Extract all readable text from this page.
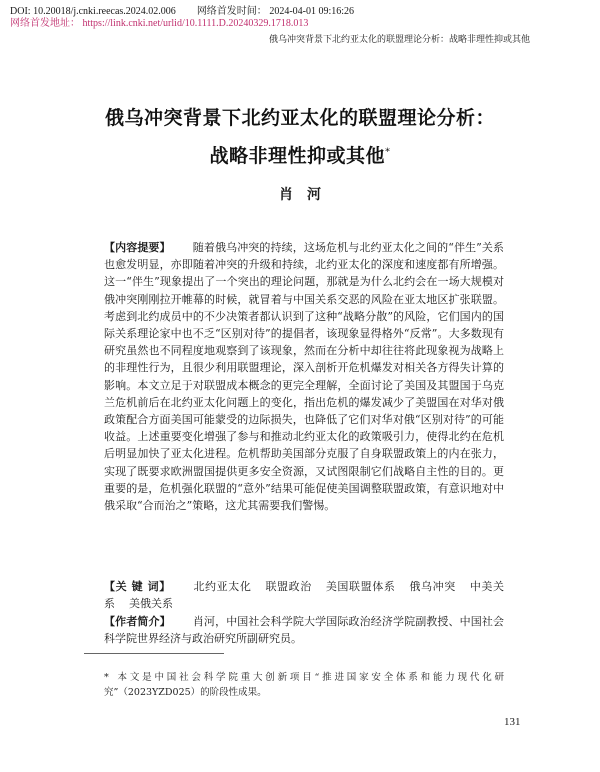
DOI: 10.20018/j.cnki.reecas.2024.02.006 网络首发时间： 2024-04-01 09:16:26
网络首发地址： https://link.cnki.net/urlid/10.1111.D.20240329.1718.013
俄乌冲突背景下北约亚太化的联盟理论分析：战略非理性抑或其他
俄乌冲突背景下北约亚太化的联盟理论分析：
战略非理性抑或其他*
肖河
【内容提要】 随着俄乌冲突的持续，这场危机与北约亚太化之间的“伴生”关系也愈发明显，亦即随着冲突的升级和持续，北约亚太化的深度和速度都有所增强。这一“伴生”现象提出了一个突出的理论问题，那就是为什么北约会在一场大规模对俄冲突刚刚拉开帷幕的时候，就冒着与中国关系交恶的风险在亚太地区扩张联盟。考虑到北约成员中的不少决策者都认识到了这种“战略分散”的风险，它们国内的国际关系理论家中也不乏“区别对待”的提倡者，该现象显得格外“反常”。大多数现有研究虽然也不同程度地观察到了该现象，然而在分析中却往往将此现象视为战略上的非理性行为，且很少利用联盟理论，深入剖析开危机爆发对相关各方得失计算的影响。本文立足于对联盟成本概念的更完全理解，全面讨论了美国及其盟国于乌克兰危机前后在北约亚太化问题上的变化，指出危机的爆发减少了美盟国在对华对俄政策配合方面美国可能蒙受的边际损失，也降低了它们对华对俄“区别对待”的可能收益。上述重要变化增强了参与和推动北约亚太化的政策吸引力，使得北约在危机后明显加快了亚太化进程。危机帮助美国部分克服了自身联盟政策上的内在张力，实现了既要求欧洲盟国提供更多安全资源，又试图限制它们战略自主性的目的。更重要的是，危机强化联盟的“意外”结果可能促使美国调整联盟政策，有意识地对中俄采取“合而治之”策略，这尤其需要我们警惕。
【关 键 词】 北约亚太化 联盟政治 美国联盟体系 俄乌冲突 中美关系 美俄关系
【作者简介】 肖河，中国社会科学院大学国际政治经济学院副教授、中国社会科学院世界经济与政治研究所副研究员。
* 本文是中国社会科学院重大创新项目“推进国家安全体系和能力现代化研究”（2023YZD025）的阶段性成果。
131
